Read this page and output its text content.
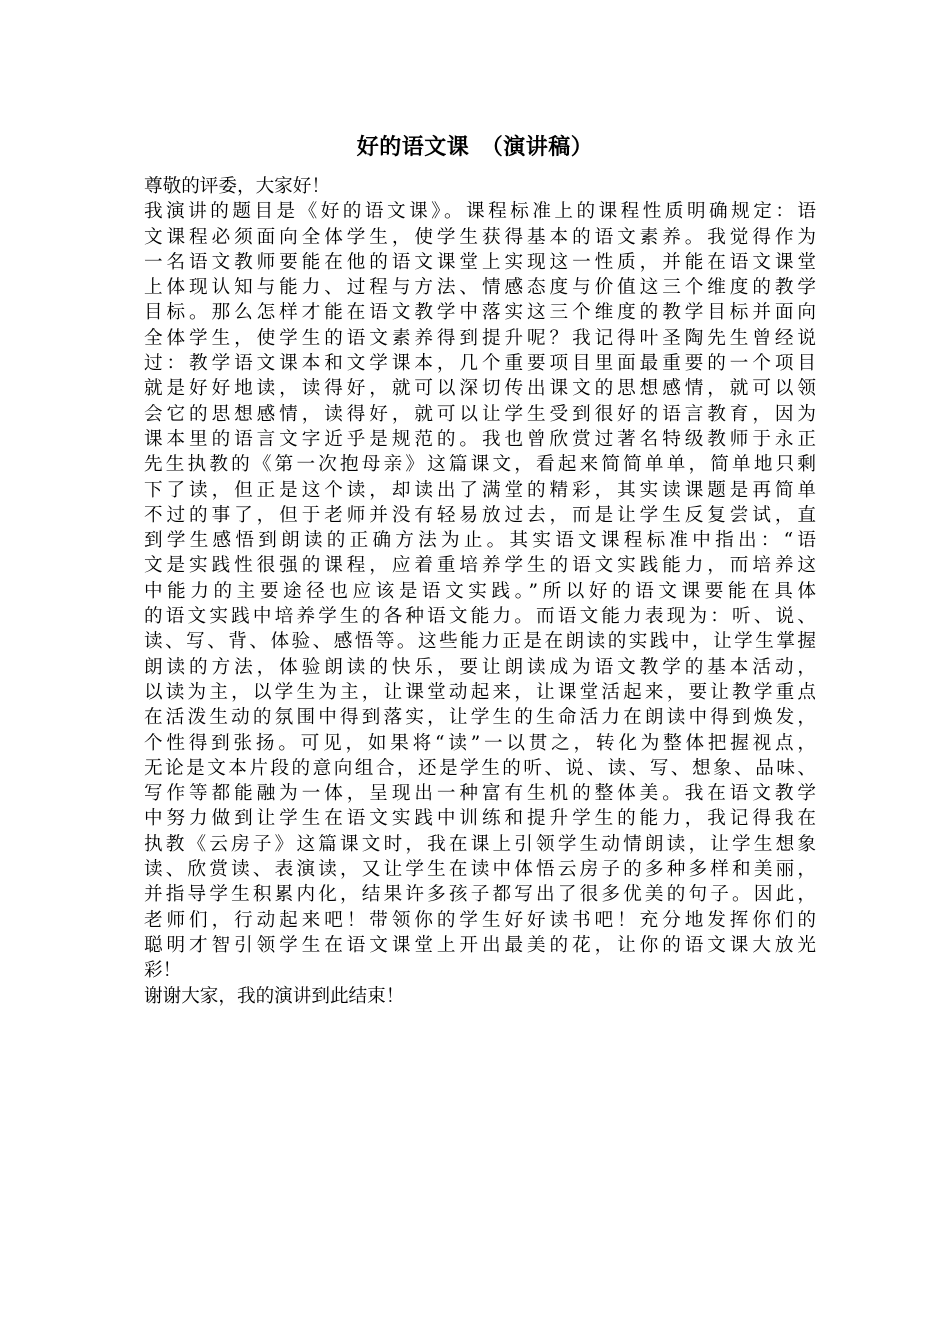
好的语文课　（演讲稿）
尊敬的评委，大家好！
我演讲的题目是《好的语文课》。课程标准上的课程性质明确规定：语
文课程必须面向全体学生，使学生获得基本的语文素养。我觉得作为
一名语文教师要能在他的语文课堂上实现这一性质，并能在语文课堂
上体现认知与能力、过程与方法、情感态度与价值这三个维度的教学
目标。那么怎样才能在语文教学中落实这三个维度的教学目标并面向
全体学生，使学生的语文素养得到提升呢？我记得叶圣陶先生曾经说
过：教学语文课本和文学课本，几个重要项目里面最重要的一个项目
就是好好地读，读得好，就可以深切传出课文的思想感情，就可以领
会它的思想感情，读得好，就可以让学生受到很好的语言教育，因为
课本里的语言文字近乎是规范的。我也曾欣赏过著名特级教师于永正
先生执教的《第一次抱母亲》这篇课文，看起来简简单单，简单地只剩
下了读，但正是这个读，却读出了满堂的精彩，其实读课题是再简单
不过的事了，但于老师并没有轻易放过去，而是让学生反复尝试，直
到学生感悟到朗读的正确方法为止。其实语文课程标准中指出：“语
文是实践性很强的课程，应着重培养学生的语文实践能力，而培养这
中能力的主要途径也应该是语文实践。”所以好的语文课要能在具体
的语文实践中培养学生的各种语文能力。而语文能力表现为：听、说、
读、写、背、体验、感悟等。这些能力正是在朗读的实践中，让学生掌握
朗读的方法，体验朗读的快乐，要让朗读成为语文教学的基本活动，
以读为主，以学生为主，让课堂动起来，让课堂活起来，要让教学重点
在活泼生动的氛围中得到落实，让学生的生命活力在朗读中得到焕发，
个性得到张扬。可见，如果将“读”一以贯之，转化为整体把握视点，
无论是文本片段的意向组合，还是学生的听、说、读、写、想象、品味、
写作等都能融为一体，呈现出一种富有生机的整体美。我在语文教学
中努力做到让学生在语文实践中训练和提升学生的能力，我记得我在
执教《云房子》这篇课文时，我在课上引领学生动情朗读，让学生想象
读、欣赏读、表演读，又让学生在读中体悟云房子的多种多样和美丽，
并指导学生积累内化，结果许多孩子都写出了很多优美的句子。因此，
老师们，行动起来吧！带领你的学生好好读书吧！充分地发挥你们的
聪明才智引领学生在语文课堂上开出最美的花，让你的语文课大放光
彩！
谢谢大家，我的演讲到此结束！
